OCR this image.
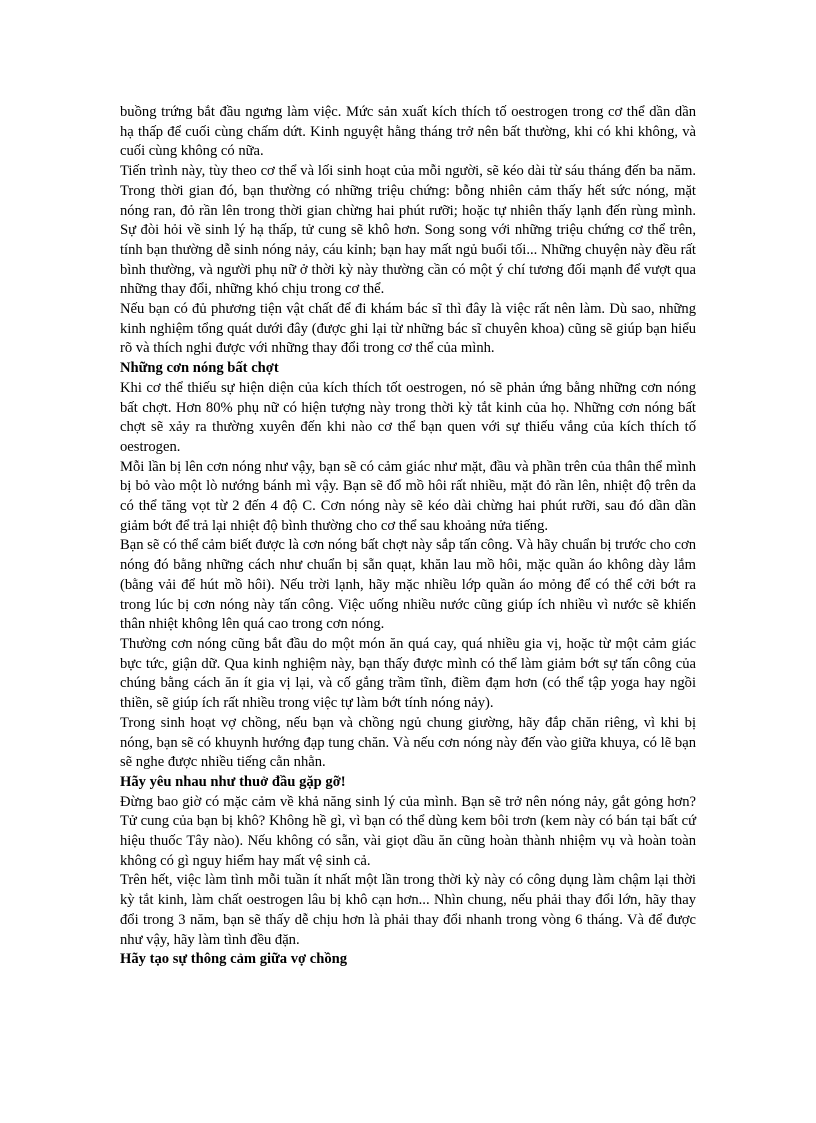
buồng trứng bắt đầu ngưng làm việc. Mức sản xuất kích thích tố oestrogen trong cơ thể dần dần hạ thấp để cuối cùng chấm dứt. Kinh nguyệt hằng tháng trở nên bất thường, khi có khi không, và cuối cùng không có nữa.

Tiến trình này, tùy theo cơ thể và lối sinh hoạt của mỗi người, sẽ kéo dài từ sáu tháng đến ba năm. Trong thời gian đó, bạn thường có những triệu chứng: bỗng nhiên cảm thấy hết sức nóng, mặt nóng ran, đỏ rần lên trong thời gian chừng hai phút rưỡi; hoặc tự nhiên thấy lạnh đến rùng mình. Sự đòi hỏi về sinh lý hạ thấp, tử cung sẽ khô hơn. Song song với những triệu chứng cơ thể trên, tính bạn thường dễ sinh nóng nảy, cáu kỉnh; bạn hay mất ngủ buổi tối... Những chuyện này đều rất bình thường, và người phụ nữ ở thời kỳ này thường cần có một ý chí tương đối mạnh để vượt qua những thay đổi, những khó chịu trong cơ thể.

Nếu bạn có đủ phương tiện vật chất để đi khám bác sĩ thì đây là việc rất nên làm. Dù sao, những kinh nghiệm tổng quát dưới đây (được ghi lại từ những bác sĩ chuyên khoa) cũng sẽ giúp bạn hiểu rõ và thích nghi được với những thay đổi trong cơ thể của mình.

Những cơn nóng bất chợt

Khi cơ thể thiếu sự hiện diện của kích thích tốt oestrogen, nó sẽ phản ứng bằng những cơn nóng bất chợt. Hơn 80% phụ nữ có hiện tượng này trong thời kỳ tắt kinh của họ. Những cơn nóng bất chợt sẽ xảy ra thường xuyên đến khi nào cơ thể bạn quen với sự thiếu vắng của kích thích tố oestrogen.

Mỗi lần bị lên cơn nóng như vậy, bạn sẽ có cảm giác như mặt, đầu và phần trên của thân thể mình bị bỏ vào một lò nướng bánh mì vậy. Bạn sẽ đổ mồ hôi rất nhiều, mặt đỏ rần lên, nhiệt độ trên da có thể tăng vọt từ 2 đến 4 độ C. Cơn nóng này sẽ kéo dài chừng hai phút rưỡi, sau đó dần dần giảm bớt để trả lại nhiệt độ bình thường cho cơ thể sau khoảng nửa tiếng.

Bạn sẽ có thể cảm biết được là cơn nóng bất chợt này sắp tấn công. Và hãy chuẩn bị trước cho cơn nóng đó bằng những cách như chuẩn bị sẵn quạt, khăn lau mồ hôi, mặc quần áo không dày lắm (bằng vải để hút mồ hôi). Nếu trời lạnh, hãy mặc nhiều lớp quần áo mỏng để có thể cởi bớt ra trong lúc bị cơn nóng này tấn công. Việc uống nhiều nước cũng giúp ích nhiều vì nước sẽ khiến thân nhiệt không lên quá cao trong cơn nóng.

Thường cơn nóng cũng bắt đầu do một món ăn quá cay, quá nhiều gia vị, hoặc từ một cảm giác bực tức, giận dữ. Qua kinh nghiệm này, bạn thấy được mình có thể làm giảm bớt sự tấn công của chúng bằng cách ăn ít gia vị lại, và cố gắng trầm tĩnh, điềm đạm hơn (có thể tập yoga hay ngồi thiền, sẽ giúp ích rất nhiều trong việc tự làm bớt tính nóng nảy).

Trong sinh hoạt vợ chồng, nếu bạn và chồng ngủ chung giường, hãy đắp chăn riêng, vì khi bị nóng, bạn sẽ có khuynh hướng đạp tung chăn. Và nếu cơn nóng này đến vào giữa khuya, có lẽ bạn sẽ nghe được nhiều tiếng cằn nhằn.

Hãy yêu nhau như thuở đầu gặp gỡ!

Đừng bao giờ có mặc cảm về khả năng sinh lý của mình. Bạn sẽ trở nên nóng nảy, gắt gỏng hơn? Tử cung của bạn bị khô? Không hề gì, vì bạn có thể dùng kem bôi trơn (kem này có bán tại bất cứ hiệu thuốc Tây nào). Nếu không có sẵn, vài giọt dầu ăn cũng hoàn thành nhiệm vụ và hoàn toàn không có gì nguy hiểm hay mất vệ sinh cả.

Trên hết, việc làm tình mỗi tuần ít nhất một lần trong thời kỳ này có công dụng làm chậm lại thời kỳ tắt kinh, làm chất oestrogen lâu bị khô cạn hơn... Nhìn chung, nếu phải thay đổi lớn, hãy thay đổi trong 3 năm, bạn sẽ thấy dễ chịu hơn là phải thay đổi nhanh trong vòng 6 tháng. Và để được như vậy, hãy làm tình đều đặn.

Hãy tạo sự thông cảm giữa vợ chồng
